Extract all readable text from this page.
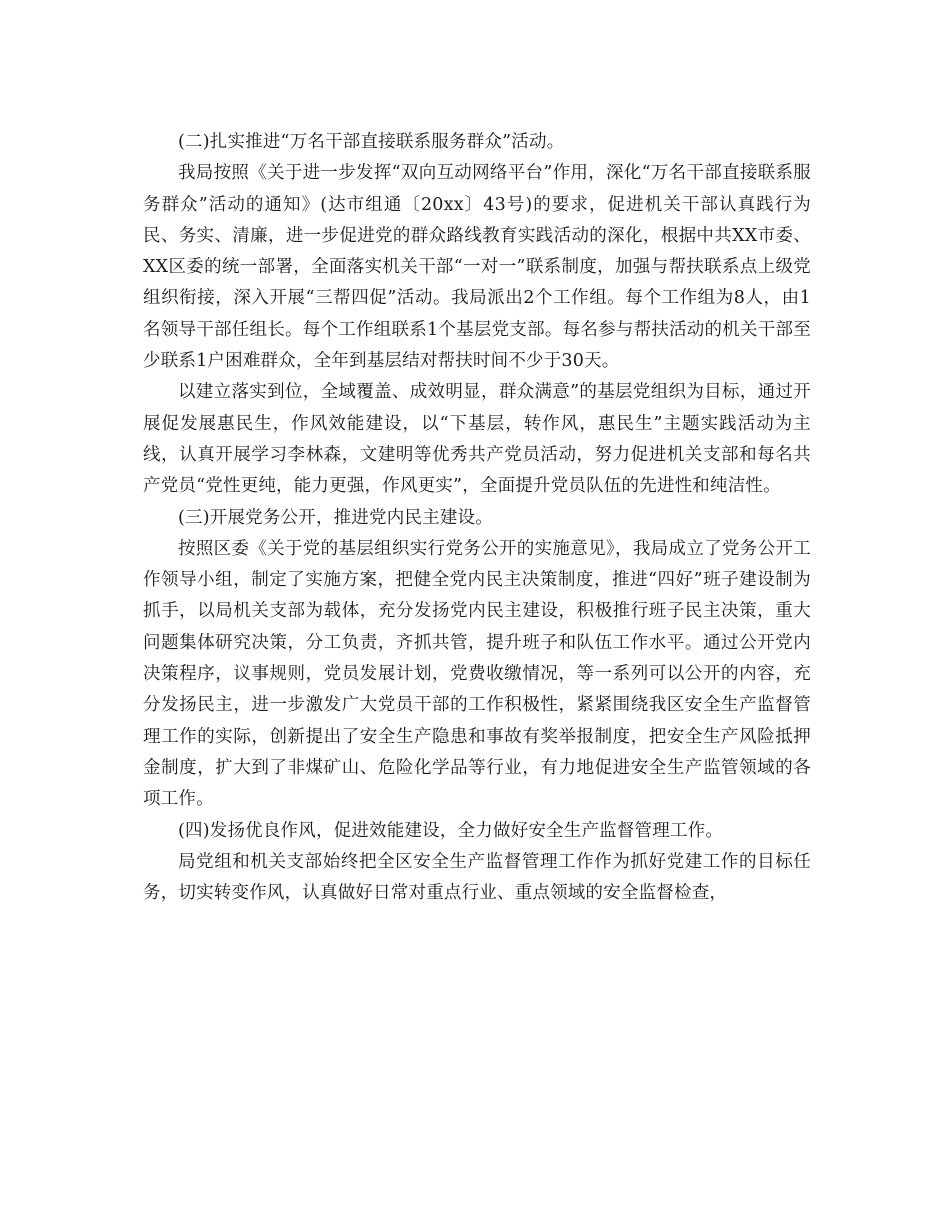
(二)扎实推进“万名干部直接联系服务群众”活动。

我局按照《关于进一步发挥“双向互动网络平台”作用，深化“万名干部直接联系服务群众”活动的通知》(达市组通〔20xx〕43号)的要求，促进机关干部认真践行为民、务实、清廉，进一步促进党的群众路线教育实践活动的深化，根据中共XX市委、XX区委的统一部署，全面落实机关干部“一对一”联系制度，加强与帮扶联系点上级党组织衔接，深入开展“三帮四促”活动。我局派出2个工作组。每个工作组为8人，由1名领导干部任组长。每个工作组联系1个基层党支部。每名参与帮扶活动的机关干部至少联系1户困难群众，全年到基层结对帮扶时间不少于30天。

以建立落实到位，全域覆盖、成效明显，群众满意”的基层党组织为目标，通过开展促发展惠民生，作风效能建设，以“下基层，转作风，惠民生”主题实践活动为主线，认真开展学习李林森，文建明等优秀共产党员活动，努力促进机关支部和每名共产党员“党性更纯，能力更强，作风更实”，全面提升党员队伍的先进性和纯洁性。

(三)开展党务公开，推进党内民主建设。

按照区委《关于党的基层组织实行党务公开的实施意见》，我局成立了党务公开工作领导小组，制定了实施方案，把健全党内民主决策制度，推进“四好”班子建设制为抓手，以局机关支部为载体，充分发扬党内民主建设，积极推行班子民主决策，重大问题集体研究决策，分工负责，齐抓共管，提升班子和队伍工作水平。通过公开党内决策程序，议事规则，党员发展计划，党费收缴情况，等一系列可以公开的内容，充分发扬民主，进一步激发广大党员干部的工作积极性，紧紧围绕我区安全生产监督管理工作的实际，创新提出了安全生产隐患和事故有奖举报制度，把安全生产风险抵押金制度，扩大到了非煤矿山、危险化学品等行业，有力地促进安全生产监管领域的各项工作。

(四)发扬优良作风，促进效能建设，全力做好安全生产监督管理工作。

局党组和机关支部始终把全区安全生产监督管理工作作为抓好党建工作的目标任务，切实转变作风，认真做好日常对重点行业、重点领域的安全监督检查，
